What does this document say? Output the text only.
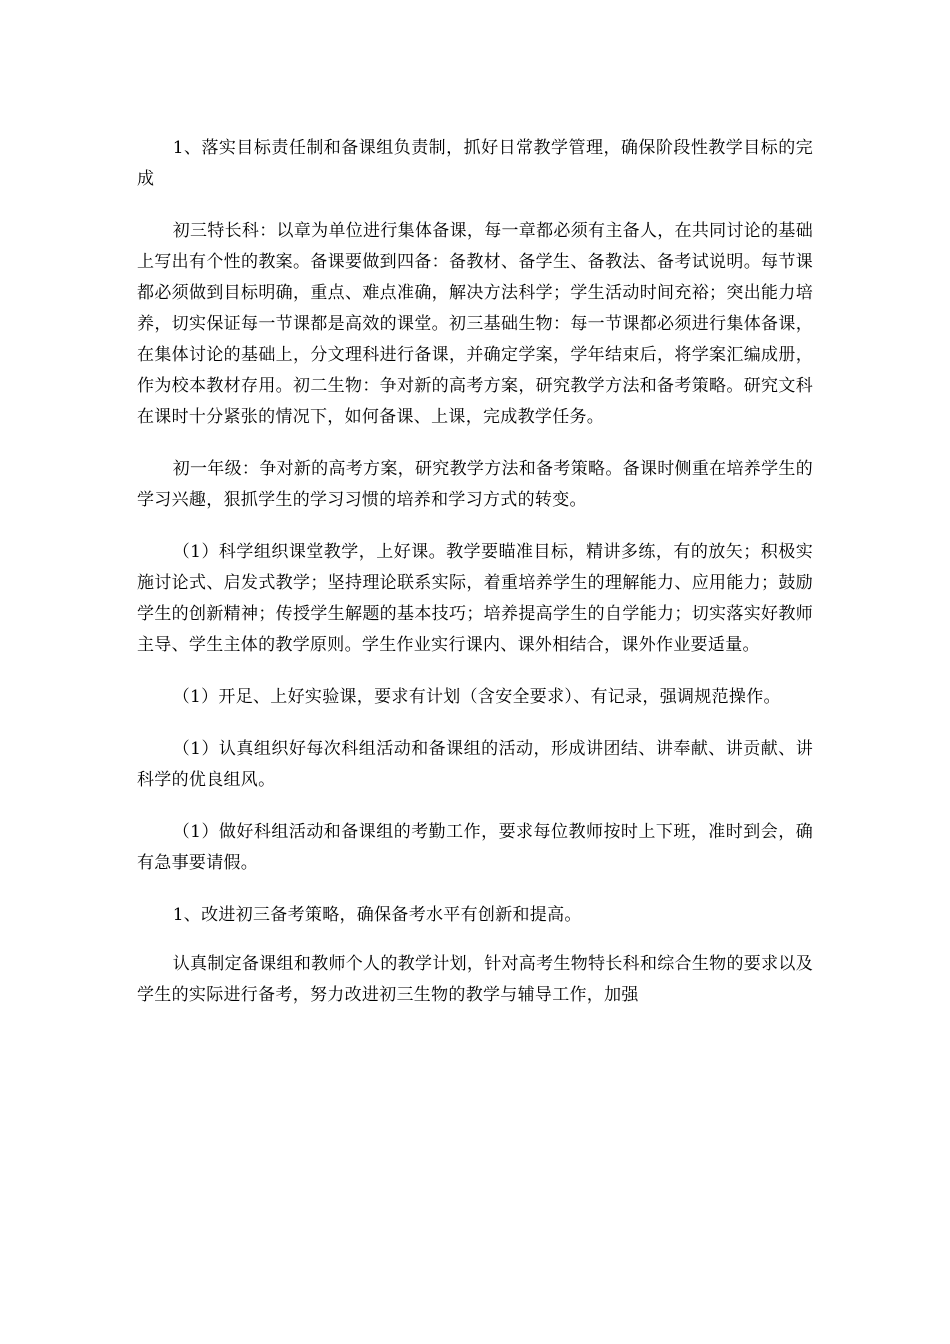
1、落实目标责任制和备课组负责制，抓好日常教学管理，确保阶段性教学目标的完成

初三特长科：以章为单位进行集体备课，每一章都必须有主备人，在共同讨论的基础上写出有个性的教案。备课要做到四备：备教材、备学生、备教法、备考试说明。每节课都必须做到目标明确，重点、难点准确，解决方法科学；学生活动时间充裕；突出能力培养，切实保证每一节课都是高效的课堂。初三基础生物：每一节课都必须进行集体备课，在集体讨论的基础上，分文理科进行备课，并确定学案，学年结束后，将学案汇编成册，作为校本教材存用。初二生物：争对新的高考方案，研究教学方法和备考策略。研究文科在课时十分紧张的情况下，如何备课、上课，完成教学任务。

初一年级：争对新的高考方案，研究教学方法和备考策略。备课时侧重在培养学生的学习兴趣，狠抓学生的学习习惯的培养和学习方式的转变。

（1）科学组织课堂教学，上好课。教学要瞄准目标，精讲多练，有的放矢；积极实施讨论式、启发式教学；坚持理论联系实际，着重培养学生的理解能力、应用能力；鼓励学生的创新精神；传授学生解题的基本技巧；培养提高学生的自学能力；切实落实好教师主导、学生主体的教学原则。学生作业实行课内、课外相结合，课外作业要适量。

（1）开足、上好实验课，要求有计划（含安全要求）、有记录，强调规范操作。

（1）认真组织好每次科组活动和备课组的活动，形成讲团结、讲奉献、讲贡献、讲科学的优良组风。

（1）做好科组活动和备课组的考勤工作，要求每位教师按时上下班，准时到会，确有急事要请假。

1、改进初三备考策略，确保备考水平有创新和提高。

认真制定备课组和教师个人的教学计划，针对高考生物特长科和综合生物的要求以及学生的实际进行备考，努力改进初三生物的教学与辅导工作，加强
